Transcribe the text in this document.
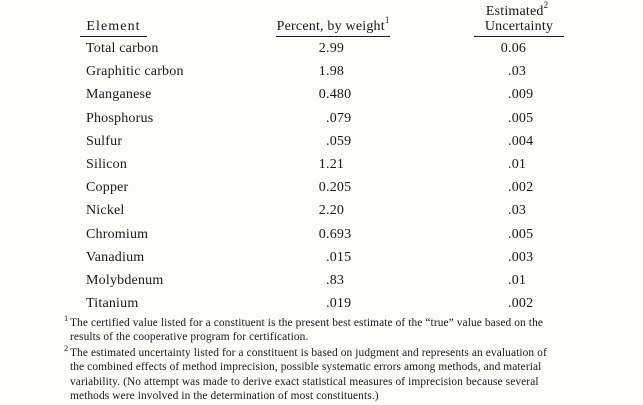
Estimated$^2$
Element	Percent, by weight$^1$	Uncertainty
Total carbon	2 .99	0 .06
Graphitic carbon	1 .98	.03
Manganese	0 .480	.009
Phosphorus	.079	.005
Sulfur	.059	.004
Silicon	1 .21	.01
Copper	0 .205	.002
Nickel	2 .20	.03
Chromium	0 .693	.005
Vanadium	.015	.003
Molybdenum	.83	.01
Titanium	.019	.002
1 The certified value listed for a constituent is the present best estimate of the “true” value based on the
results of the cooperative program for certification.
2 The estimated uncertainty listed for a constituent is based on judgment and represents an evaluation of
the combined effects of method imprecision, possible systematic errors among methods, and material
variability. (No attempt was made to derive exact statistical measures of imprecision because several
methods were involved in the determination of most constituents.)
